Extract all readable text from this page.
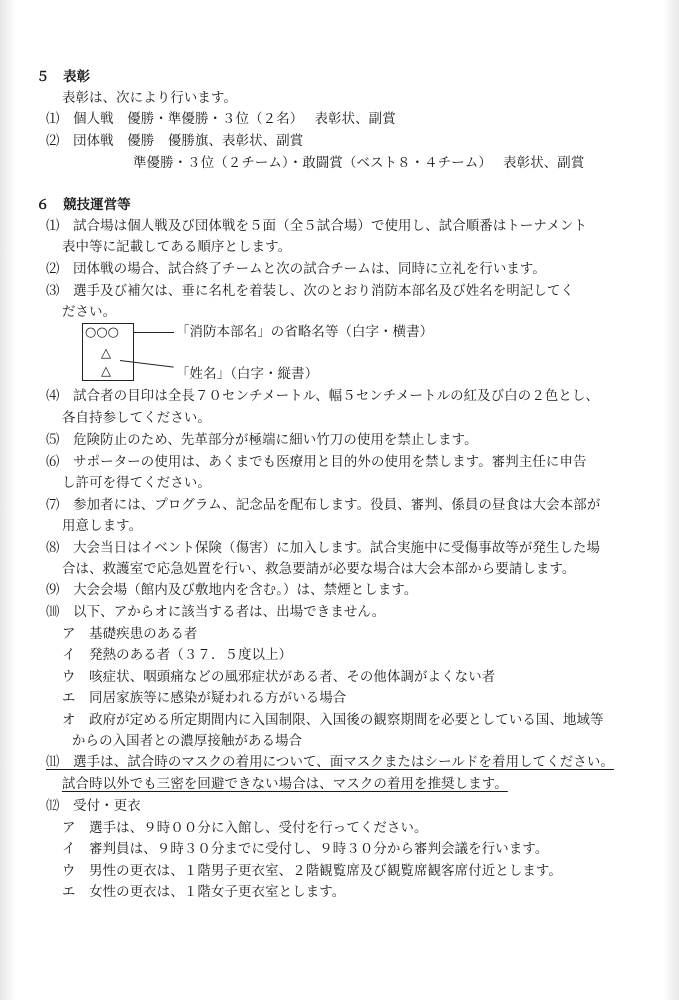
５　表彰
表彰は、次により行います。
⑴　個人戦　優勝・準優勝・３位（２名）　 表彰状、副賞
⑵　団体戦　優勝　優勝旗、表彰状、副賞
準優勝・３位（２チーム）・敢闘賞（ベスト８・４チーム）　 表彰状、副賞
６　競技運営等
⑴　試合場は個人戦及び団体戦を５面（全５試合場）で使用し、試合順番はトーナメント
表中等に記載してある順序とします。
⑵　団体戦の場合、試合終了チームと次の試合チームは、同時に立礼を行います。
⑶　選手及び補欠は、垂に名札を着装し、次のとおり消防本部名及び姓名を明記してく
ださい。
○○○
△
△
「消防本部名」の省略名等（白字・横書）
「姓名」（白字・縦書）
⑷　試合者の目印は全長７０センチメートル、幅５センチメートルの紅及び白の２色とし、
各自持参してください。
⑸　危険防止のため、先革部分が極端に細い竹刀の使用を禁止します。
⑹　サポーターの使用は、あくまでも医療用と目的外の使用を禁します。審判主任に申告
し許可を得てください。
⑺　参加者には、プログラム、記念品を配布します。役員、審判、係員の昼食は大会本部が
用意します。
⑻　大会当日はイベント保険（傷害）に加入します。試合実施中に受傷事故等が発生した場
合は、救護室で応急処置を行い、救急要請が必要な場合は大会本部から要請します。
⑼　大会会場（館内及び敷地内を含む。）は、禁煙とします。
⑽　以下、アからオに該当する者は、出場できません。
ア　基礎疾患のある者
イ　発熱のある者（３７．５度以上）
ウ　咳症状、咽頭痛などの風邪症状がある者、その他体調がよくない者
エ　同居家族等に感染が疑われる方がいる場合
オ　政府が定める所定期間内に入国制限、入国後の観察期間を必要としている国、地域等
からの入国者との濃厚接触がある場合
⑾　選手は、試合時のマスクの着用について、面マスクまたはシールドを着用してください。
試合時以外でも三密を回避できない場合は、マスクの着用を推奨します。
⑿　受付・更衣
ア　選手は、９時００分に入館し、受付を行ってください。
イ　審判員は、９時３０分までに受付し、９時３０分から審判会議を行います。
ウ　男性の更衣は、１階男子更衣室、２階観覧席及び観覧席観客席付近とします。
エ　女性の更衣は、１階女子更衣室とします。
